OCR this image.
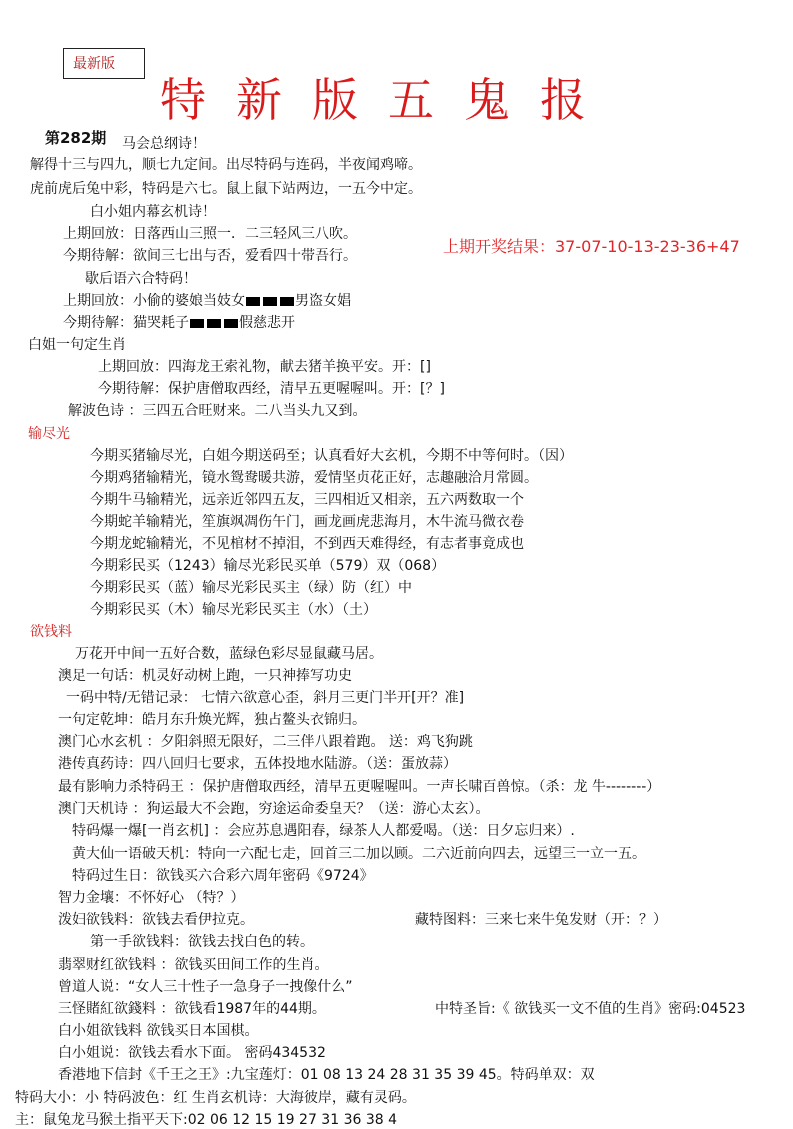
最新版
特新版五鬼报
第282期 马会总纲诗！
解得十三与四九，顺七九定间。出尽特码与连码，半夜闻鸡啼。
虎前虎后兔中彩，特码是六七。鼠上鼠下站两边，一五今中定。
白小姐内幕玄机诗！
上期回放：日落西山三照一．二三轻风三八吹。
今期待解：欲间三七出与否，爱看四十带吾行。	上期开奖结果：37-07-10-13-23-36+47
歇后语六合特码！
上期回放：小偷的婆娘当妓女	男盗女娼
今期待解：猫哭耗子	假慈悲开
白姐一句定生肖
上期回放：四海龙王索礼物，献去猪羊换平安。开：[]
今期待解：保护唐僧取西经，清早五更喔喔叫。开：[？]
解波色诗 ：三四五合旺财来。二八当头九又到。
输尽光
今期买猪输尽光，白姐今期送码至；认真看好大玄机，今期不中等何时。（因）
今期鸡猪输精光，镜水鸳鸯暖共游，爱情坚贞花正好，志趣融洽月常圆。
今期牛马输精光，远亲近邻四五友，三四相近又相亲，五六两数取一个
今期蛇羊输精光，笙旗飒凋伤午门，画龙画虎悲海月，木牛流马微衣卷
今期龙蛇输精光，不见棺材不掉泪，不到西天难得经，有志者事竟成也
今期彩民买（1243）输尽光彩民买单（579）双（068）
今期彩民买（蓝）输尽光彩民买主（绿）防（红）中
今期彩民买（木）输尽光彩民买主（水）（土）
欲钱料
万花开中间一五好合数，蓝绿色彩尽显鼠藏马居。
澳足一句话：机灵好动树上跑，一只神捧写功史
一码中特/无错记录： 七情六欲意心歪，斜月三更门半开[开？准]
一句定乾坤：皓月东升焕光辉，独占鳌头衣锦归。
澳门心水玄机 ：夕阳斜照无限好，二三伴八跟着跑。 送：鸡飞狗跳
港传真药诗：四八回归七要求，五体投地水陆游。（送：蛋放蒜）
最有影响力杀特码王 ：保护唐僧取西经，清早五更喔喔叫。一声长啸百兽惊。（杀：龙 牛--------）
澳门天机诗 ：狗运最大不会跑，穷途运命委皇天？（送：游心太玄）。
特码爆一爆[一肖玄机] ：会应苏息遇阳春，绿茶人人都爱喝。（送：日夕忘归来）.
黄大仙一语破天机：特向一六配七走，回首三二加以顾。二六近前向四去，远望三一立一五。
特码过生日：欲钱买六合彩六周年密码《9724》
智力金壤：不怀好心 （特？）
泼妇欲钱料：欲钱去看伊拉克。	藏特图料：三来七来牛兔发财（开：？）
第一手欲钱料：欲钱去找白色的转。
翡翠财红欲钱料 ：欲钱买田间工作的生肖。
曾道人说：“女人三十性子一急身子一拽像什么”
三怪賭紅欲錢料 ：欲钱看1987年的44期。	中特圣旨:《 欲钱买一文不值的生肖》密码:04523
白小姐欲钱料 欲钱买日本国棋。
白小姐说：欲钱去看水下面。 密码434532
香港地下信封《千王之王》:九宝莲灯：01 08 13 24 28 31 35 39 45。特码单双：双
特码大小：小 特码波色：红 生肖玄机诗：大海彼岸，藏有灵码。
主：鼠兔龙马猴土指平天下:02 06 12 15 19 27 31 36 38 4
